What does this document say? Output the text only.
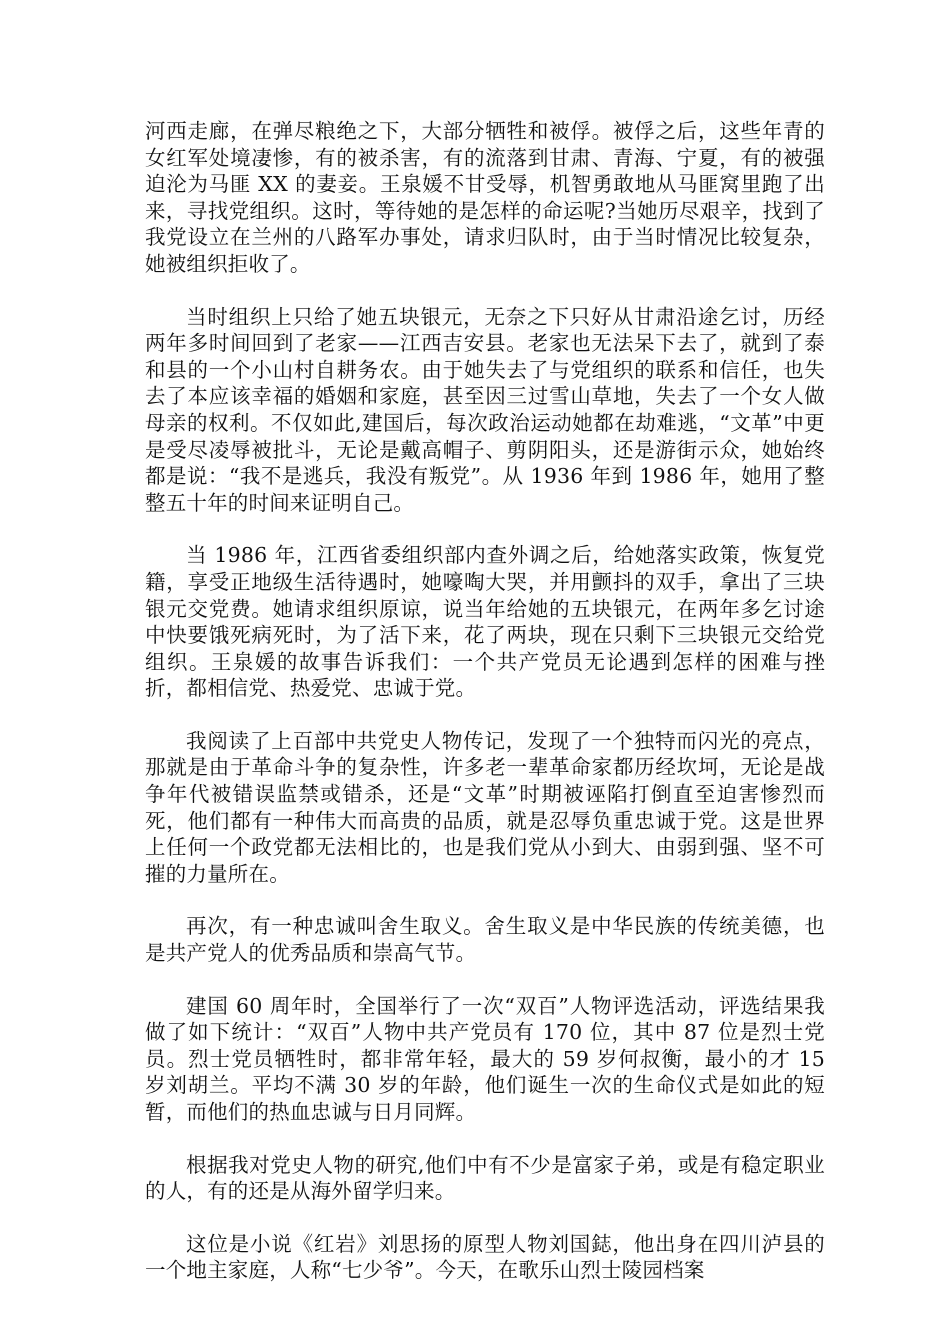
河西走廊，在弹尽粮绝之下，大部分牺牲和被俘。被俘之后，这些年青的女红军处境凄惨，有的被杀害，有的流落到甘肃、青海、宁夏，有的被强迫沦为马匪 XX 的妻妾。王泉媛不甘受辱，机智勇敢地从马匪窝里跑了出来，寻找党组织。这时，等待她的是怎样的命运呢?当她历尽艰辛，找到了我党设立在兰州的八路军办事处，请求归队时，由于当时情况比较复杂，她被组织拒收了。

当时组织上只给了她五块银元，无奈之下只好从甘肃沿途乞讨，历经两年多时间回到了老家——江西吉安县。老家也无法呆下去了，就到了泰和县的一个小山村自耕务农。由于她失去了与党组织的联系和信任，也失去了本应该幸福的婚姻和家庭，甚至因三过雪山草地，失去了一个女人做母亲的权利。不仅如此,建国后，每次政治运动她都在劫难逃，“文革”中更是受尽凌辱被批斗，无论是戴高帽子、剪阴阳头，还是游街示众，她始终都是说：“我不是逃兵，我没有叛党”。从 1936 年到 1986 年，她用了整整五十年的时间来证明自己。

当 1986 年，江西省委组织部内查外调之后，给她落实政策，恢复党籍，享受正地级生活待遇时，她嚎啕大哭，并用颤抖的双手，拿出了三块银元交党费。她请求组织原谅，说当年给她的五块银元，在两年多乞讨途中快要饿死病死时，为了活下来，花了两块，现在只剩下三块银元交给党组织。王泉媛的故事告诉我们：一个共产党员无论遇到怎样的困难与挫折，都相信党、热爱党、忠诚于党。

我阅读了上百部中共党史人物传记，发现了一个独特而闪光的亮点，那就是由于革命斗争的复杂性，许多老一辈革命家都历经坎坷，无论是战争年代被错误监禁或错杀，还是“文革”时期被诬陷打倒直至迫害惨烈而死，他们都有一种伟大而高贵的品质，就是忍辱负重忠诚于党。这是世界上任何一个政党都无法相比的，也是我们党从小到大、由弱到强、坚不可摧的力量所在。

再次，有一种忠诚叫舍生取义。舍生取义是中华民族的传统美德，也是共产党人的优秀品质和崇高气节。

建国 60 周年时，全国举行了一次“双百”人物评选活动，评选结果我做了如下统计：“双百”人物中共产党员有 170 位，其中 87 位是烈士党员。烈士党员牺牲时，都非常年轻，最大的 59 岁何叔衡，最小的才 15 岁刘胡兰。平均不满 30 岁的年龄，他们诞生一次的生命仪式是如此的短暂，而他们的热血忠诚与日月同辉。

根据我对党史人物的研究,他们中有不少是富家子弟，或是有稳定职业的人，有的还是从海外留学归来。

这位是小说《红岩》刘思扬的原型人物刘国鋕，他出身在四川泸县的一个地主家庭，人称“七少爷”。今天，在歌乐山烈士陵园档案
